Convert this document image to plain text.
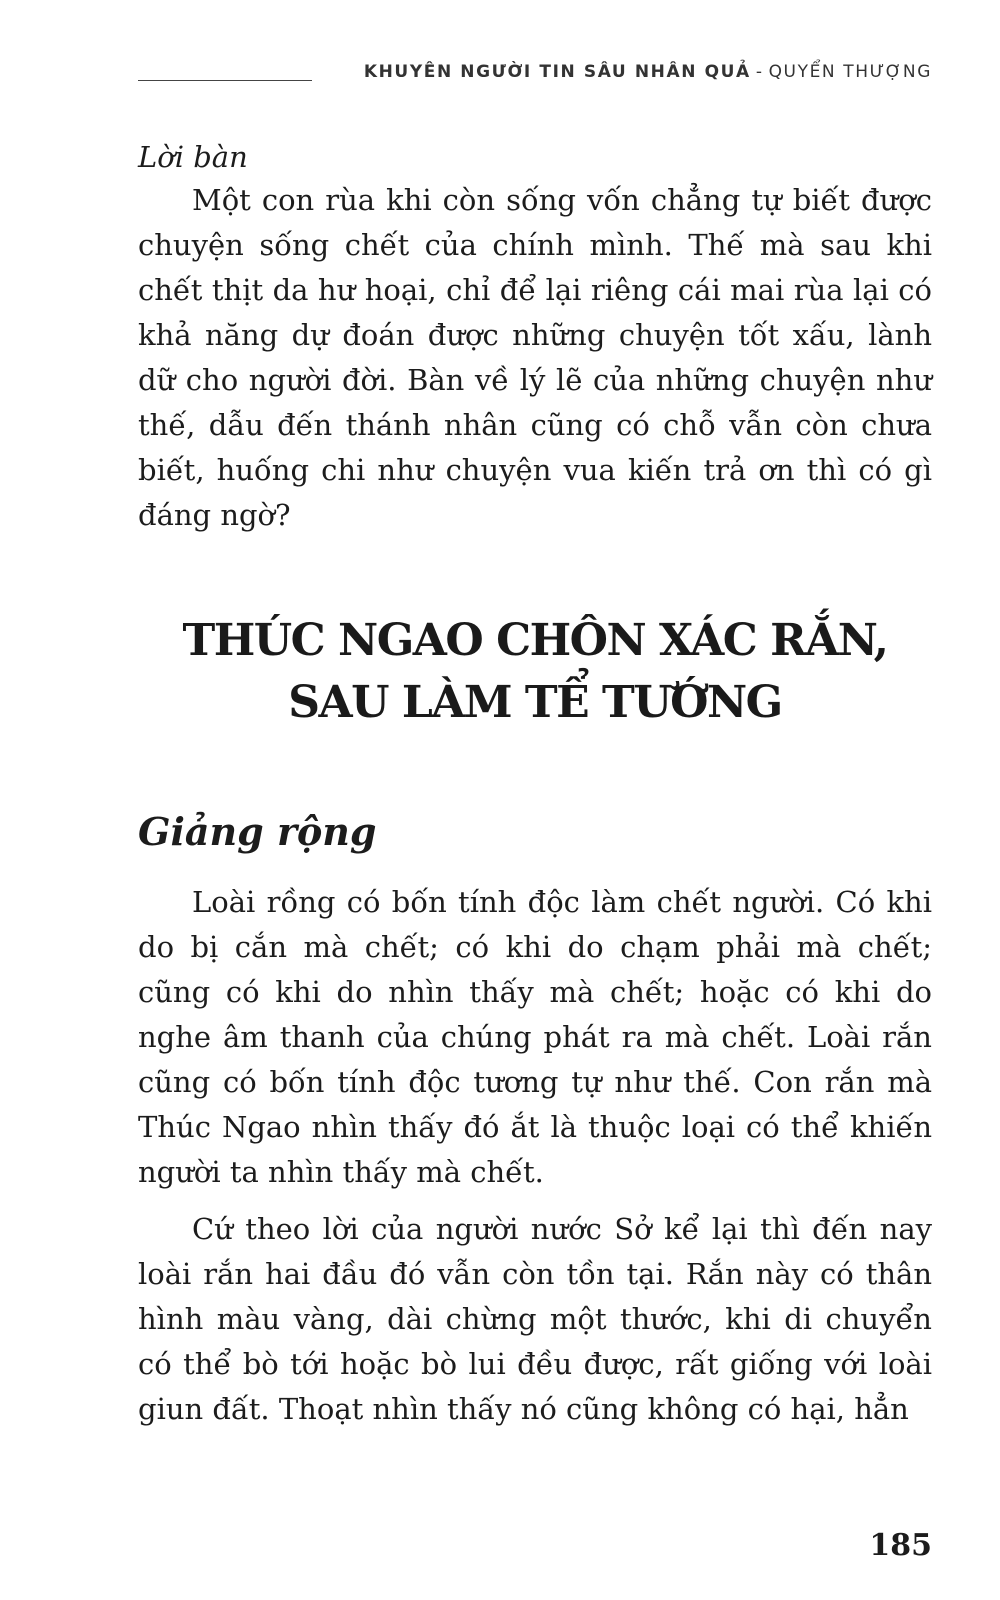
KHUYÊN NGƯỜI TIN SÂU NHÂN QUẢ - QUYỂN THƯỢNG

Lời bàn

Một con rùa khi còn sống vốn chẳng tự biết được chuyện sống chết của chính mình. Thế mà sau khi chết thịt da hư hoại, chỉ để lại riêng cái mai rùa lại có khả năng dự đoán được những chuyện tốt xấu, lành dữ cho người đời. Bàn về lý lẽ của những chuyện như thế, dẫu đến thánh nhân cũng có chỗ vẫn còn chưa biết, huống chi như chuyện vua kiến trả ơn thì có gì đáng ngờ?

THÚC NGAO CHÔN XÁC RẮN,
SAU LÀM TỂ TƯỚNG
Giảng rộng

Loài rồng có bốn tính độc làm chết người. Có khi do bị cắn mà chết; có khi do chạm phải mà chết; cũng có khi do nhìn thấy mà chết; hoặc có khi do nghe âm thanh của chúng phát ra mà chết. Loài rắn cũng có bốn tính độc tương tự như thế. Con rắn mà Thúc Ngao nhìn thấy đó ắt là thuộc loại có thể khiến người ta nhìn thấy mà chết.

Cứ theo lời của người nước Sở kể lại thì đến nay loài rắn hai đầu đó vẫn còn tồn tại. Rắn này có thân hình màu vàng, dài chừng một thước, khi di chuyển có thể bò tới hoặc bò lui đều được, rất giống với loài giun đất. Thoạt nhìn thấy nó cũng không có hại, hẳn

185
